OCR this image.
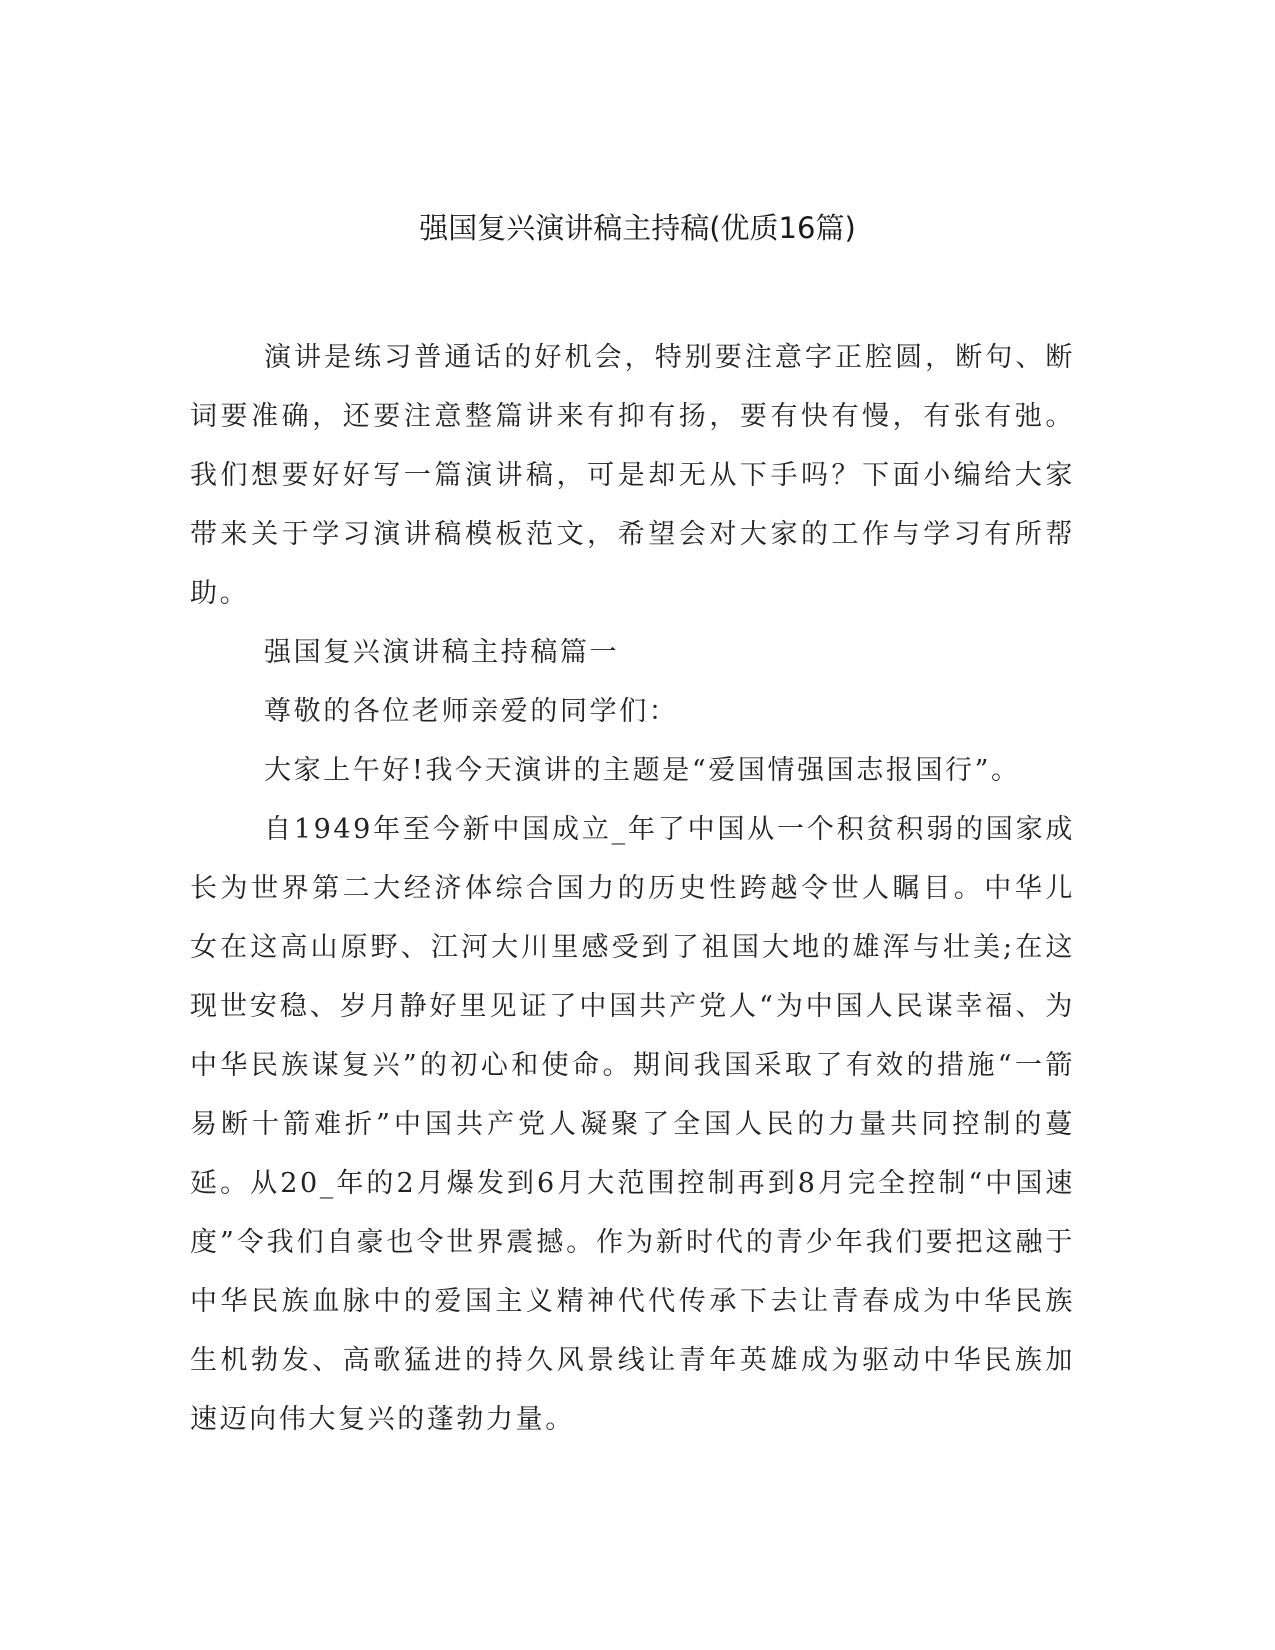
强国复兴演讲稿主持稿(优质16篇)

演讲是练习普通话的好机会，特别要注意字正腔圆，断句、断词要准确，还要注意整篇讲来有抑有扬，要有快有慢，有张有弛。我们想要好好写一篇演讲稿，可是却无从下手吗？下面小编给大家带来关于学习演讲稿模板范文，希望会对大家的工作与学习有所帮助。

强国复兴演讲稿主持稿篇一

尊敬的各位老师亲爱的同学们：

大家上午好!我今天演讲的主题是“爱国情强国志报国行”。

自1949年至今新中国成立_年了中国从一个积贫积弱的国家成长为世界第二大经济体综合国力的历史性跨越令世人瞩目。中华儿女在这高山原野、江河大川里感受到了祖国大地的雄浑与壮美;在这现世安稳、岁月静好里见证了中国共产党人“为中国人民谋幸福、为中华民族谋复兴”的初心和使命。期间我国采取了有效的措施“一箭易断十箭难折”中国共产党人凝聚了全国人民的力量共同控制的蔓延。从20_年的2月爆发到6月大范围控制再到8月完全控制“中国速度”令我们自豪也令世界震撼。作为新时代的青少年我们要把这融于中华民族血脉中的爱国主义精神代代传承下去让青春成为中华民族生机勃发、高歌猛进的持久风景线让青年英雄成为驱动中华民族加速迈向伟大复兴的蓬勃力量。
